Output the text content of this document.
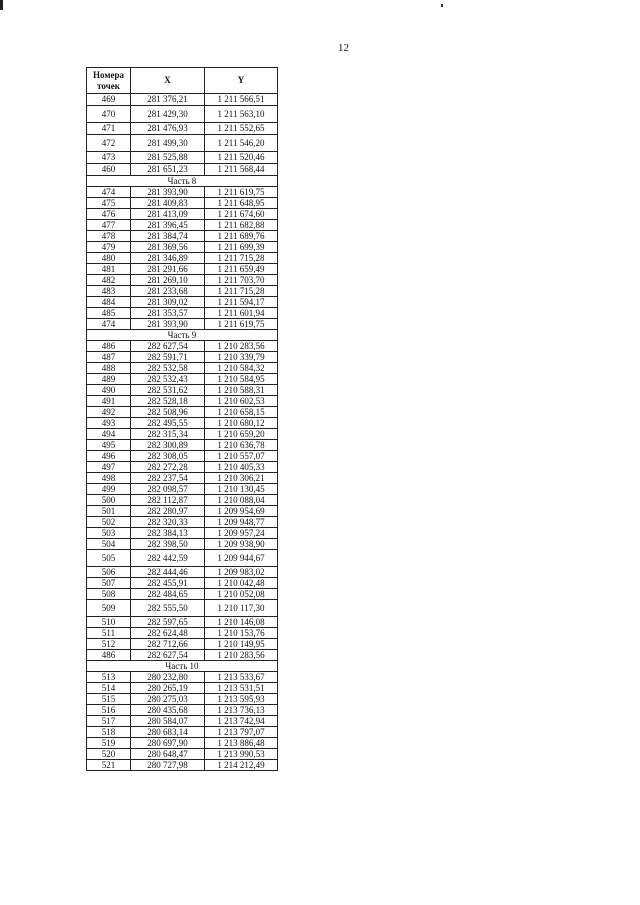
12
Номера точек	X	Y
469	281 376,21	1 211 566,51
470	281 429,30	1 211 563,10
471	281 476,93	1 211 552,65
472	281 499,30	1 211 546,20
473	281 525,88	1 211 520,46
460	281 651,23	1 211 568,44
Часть 8		
474	281 393,90	1 211 619,75
475	281 409,83	1 211 648,95
476	281 413,09	1 211 674,60
477	281 396,45	1 211 682,88
478	281 384,74	1 211 689,76
479	281 369,56	1 211 699,39
480	281 346,89	1 211 715,28
481	281 291,66	1 211 659,49
482	281 269,10	1 211 703,70
483	281 233,68	1 211 715,28
484	281 309,02	1 211 594,17
485	281 353,57	1 211 601,94
474	281 393,90	1 211 619,75
Часть 9		
486	282 627,54	1 210 283,56
487	282 591,71	1 210 339,79
488	282 532,58	1 210 584,32
489	282 532,43	1 210 584,95
490	282 531,62	1 210 588,31
491	282 528,18	1 210 602,53
492	282 508,96	1 210 658,15
493	282 495,55	1 210 680,12
494	282 315,34	1 210 659,20
495	282 300,89	1 210 636,78
496	282 308,05	1 210 557,07
497	282 272,28	1 210 405,33
498	282 237,54	1 210 306,21
499	282 098,57	1 210 130,45
500	282 112,87	1 210 088,04
501	282 280,97	1 209 954,69
502	282 320,33	1 209 948,77
503	282 384,13	1 209 957,24
504	282 398,50	1 209 938,90
505	282 442,59	1 209 944,67
506	282 444,46	1 209 983,02
507	282 455,91	1 210 042,48
508	282 484,65	1 210 052,08
509	282 555,50	1 210 117,30
510	282 597,65	1 210 146,08
511	282 624,48	1 210 153,76
512	282 712,66	1 210 149,95
486	282 627,54	1 210 283,56
Часть 10		
513	280 232,80	1 213 533,67
514	280 265,19	1 213 531,51
515	280 275,03	1 213 595,93
516	280 435,68	1 213 736,13
517	280 584,07	1 213 742,94
518	280 683,14	1 213 797,07
519	280 697,90	1 213 886,48
520	280 648,47	1 213 990,53
521	280 727,98	1 214 212,49
